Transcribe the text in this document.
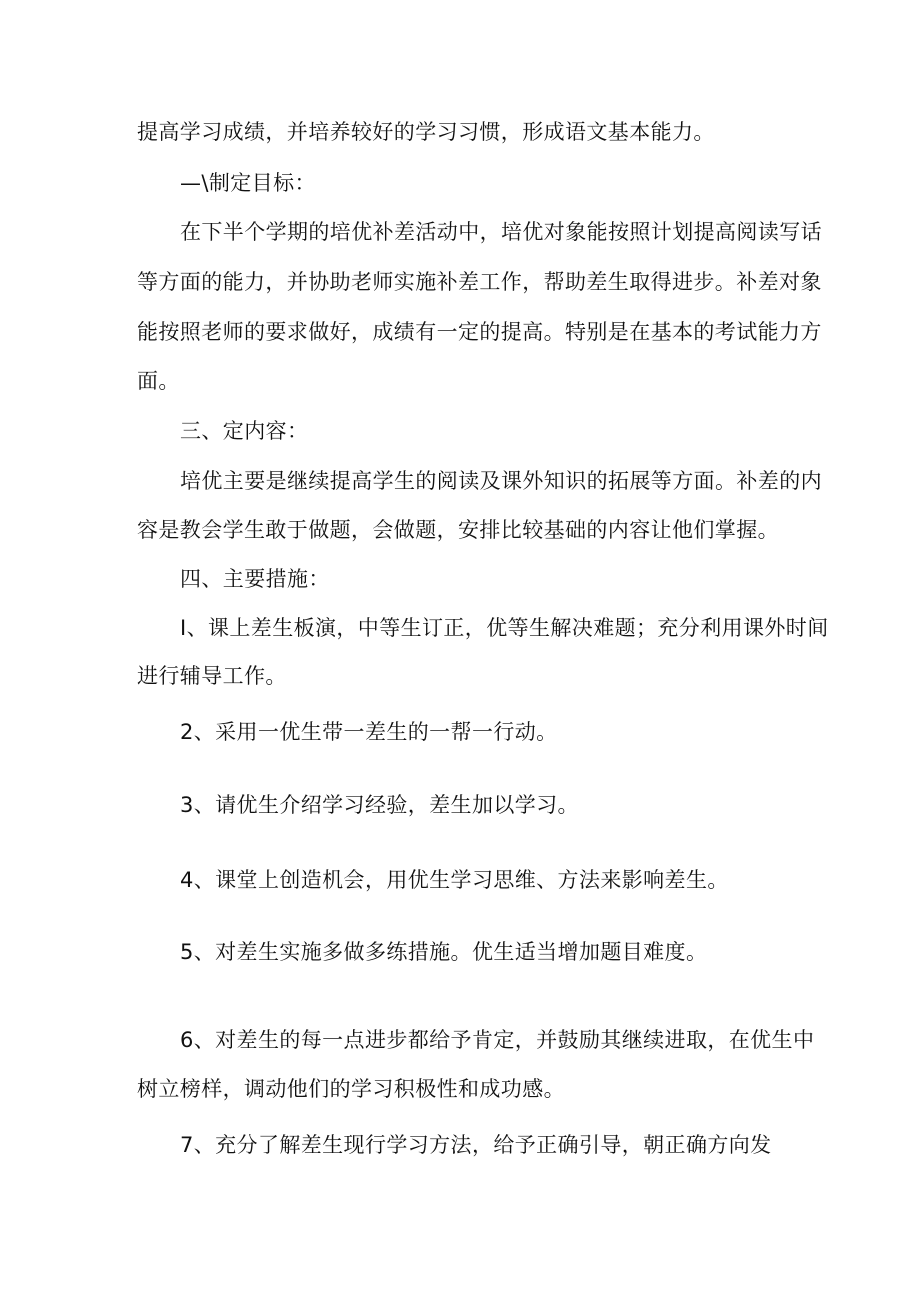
提高学习成绩，并培养较好的学习习惯，形成语文基本能力。
—\制定目标：
在下半个学期的培优补差活动中，培优对象能按照计划提高阅读写话
等方面的能力，并协助老师实施补差工作，帮助差生取得进步。补差对象
能按照老师的要求做好，成绩有一定的提高。特别是在基本的考试能力方
面。
三、定内容：
培优主要是继续提高学生的阅读及课外知识的拓展等方面。补差的内
容是教会学生敢于做题，会做题，安排比较基础的内容让他们掌握。
四、主要措施：
I、课上差生板演，中等生订正，优等生解决难题；充分利用课外时间
进行辅导工作。
2、采用一优生带一差生的一帮一行动。
3、请优生介绍学习经验，差生加以学习。
4、课堂上创造机会，用优生学习思维、方法来影响差生。
5、对差生实施多做多练措施。优生适当增加题目难度。
6、对差生的每一点进步都给予肯定，并鼓励其继续进取，在优生中
树立榜样，调动他们的学习积极性和成功感。
7、充分了解差生现行学习方法，给予正确引导，朝正确方向发
